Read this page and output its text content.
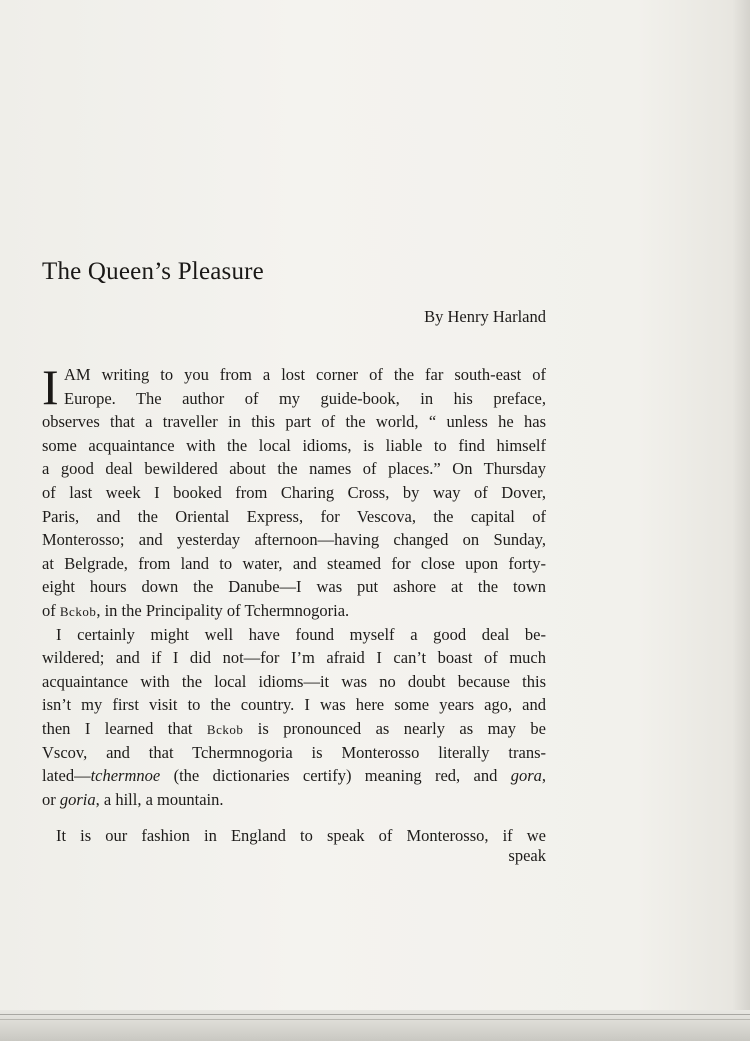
The Queen’s Pleasure
By Henry Harland
I AM writing to you from a lost corner of the far south-east of
Europe. The author of my guide-book, in his preface,
observes that a traveller in this part of the world, “ unless he has
some acquaintance with the local idioms, is liable to find himself
a good deal bewildered about the names of places.” On Thursday
of last week I booked from Charing Cross, by way of Dover,
Paris, and the Oriental Express, for Vescova, the capital of
Monterosso; and yesterday afternoon—having changed on Sunday,
at Belgrade, from land to water, and steamed for close upon forty-
eight hours down the Danube—I was put ashore at the town
of Bckob, in the Principality of Tchermnogoria.
I certainly might well have found myself a good deal be-
wildered; and if I did not—for I’m afraid I can’t boast of much
acquaintance with the local idioms—it was no doubt because this
isn’t my first visit to the country. I was here some years ago, and
then I learned that Bckob is pronounced as nearly as may be
Vscov, and that Tchermnogoria is Monterosso literally trans-
lated—tchermnoe (the dictionaries certify) meaning red, and gora,
or goria, a hill, a mountain.
It is our fashion in England to speak of Monterosso, if we
speak
